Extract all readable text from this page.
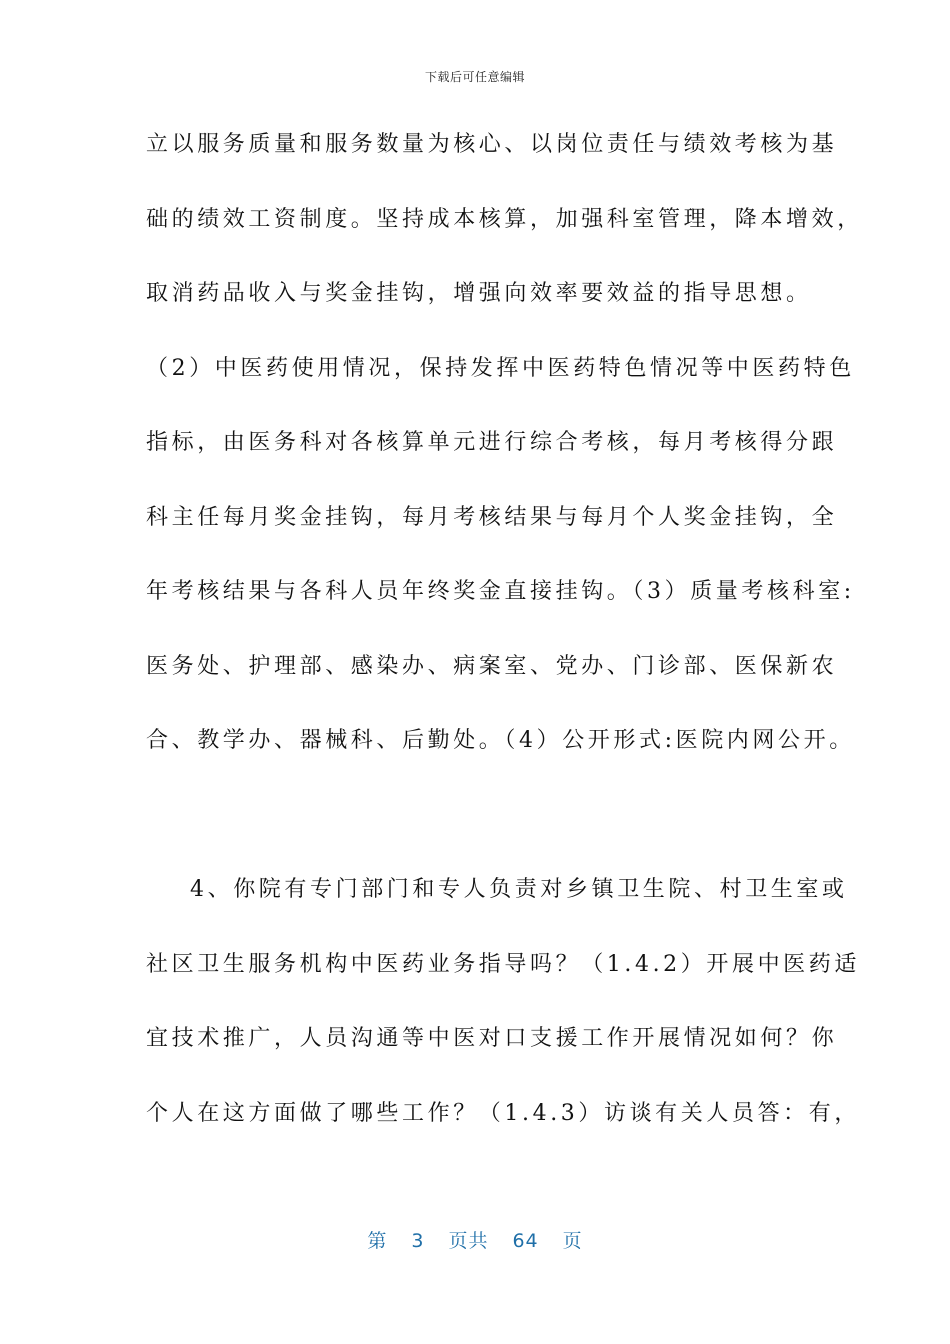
下载后可任意编辑
立以服务质量和服务数量为核心、以岗位责任与绩效考核为基
础的绩效工资制度。坚持成本核算，加强科室管理，降本增效，
取消药品收入与奖金挂钩，增强向效率要效益的指导思想。
（2）中医药使用情况，保持发挥中医药特色情况等中医药特色
指标，由医务科对各核算单元进行综合考核，每月考核得分跟
科主任每月奖金挂钩，每月考核结果与每月个人奖金挂钩，全
年考核结果与各科人员年终奖金直接挂钩。（3）质量考核科室:
医务处、护理部、感染办、病案室、党办、门诊部、医保新农
合、教学办、器械科、后勤处。（4）公开形式:医院内网公开。
4、你院有专门部门和专人负责对乡镇卫生院、村卫生室或
社区卫生服务机构中医药业务指导吗？（1.4.2）开展中医药适
宜技术推广，人员沟通等中医对口支援工作开展情况如何？你
个人在这方面做了哪些工作？（1.4.3）访谈有关人员答：有，
第 3 页共 64 页
